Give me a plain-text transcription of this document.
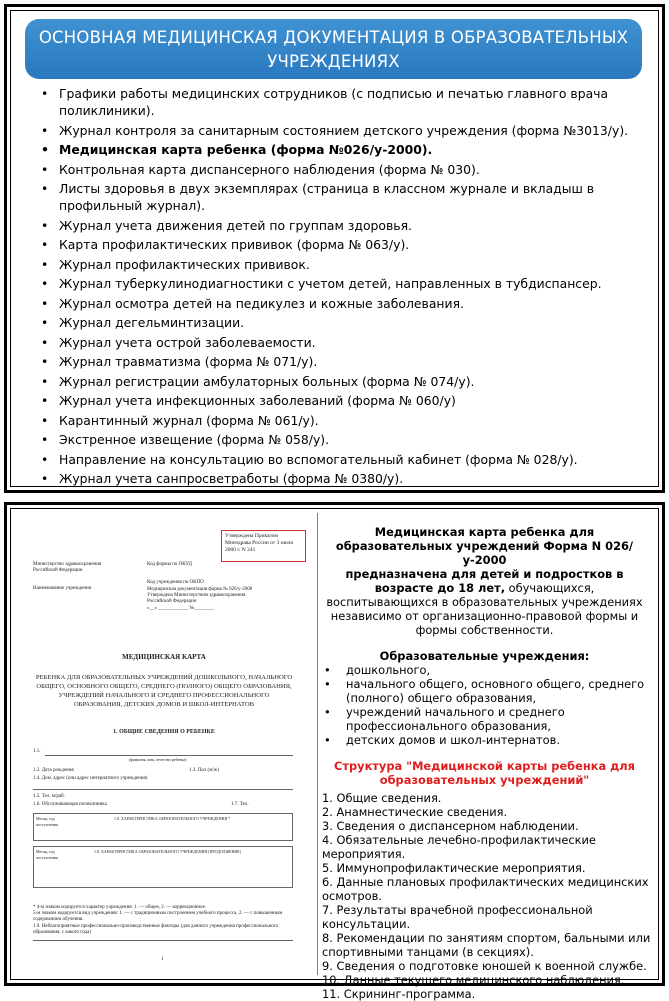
ОСНОВНАЯ МЕДИЦИНСКАЯ ДОКУМЕНТАЦИЯ В ОБРАЗОВАТЕЛЬНЫХ УЧРЕЖДЕНИЯХ
• Графики работы медицинских сотрудников (с подписью и печатью главного врача поликлиники).
• Журнал контроля за санитарным состоянием детского учреждения (форма №3013/у).
• Медицинская карта ребенка (форма №026/у-2000).
• Контрольная карта диспансерного наблюдения (форма № 030).
• Листы здоровья в двух экземплярах (страница в классном журнале и вкладыш в профильный журнал).
• Журнал учета движения детей по группам здоровья.
• Карта профилактических прививок (форма № 063/у).
• Журнал профилактических прививок.
• Журнал туберкулинодиагностики с учетом детей, направленных в тубдиспансер.
• Журнал осмотра детей на педикулез и кожные заболевания.
• Журнал дегельминтизации.
• Журнал учета острой заболеваемости.
• Журнал травматизма (форма № 071/у).
• Журнал регистрации амбулаторных больных (форма № 074/у).
• Журнал учета инфекционных заболеваний (форма № 060/у)
• Карантинный журнал (форма № 061/у).
• Экстренное извещение (форма № 058/у).
• Направление на консультацию во вспомогательный кабинет (форма № 028/у).
• Журнал учета санпросветработы (форма № 0380/у).
Утверждена Приказом Минздрава России от 3 июля 2000 г. N 241
Министерство здравоохранения Российской Федерации
Код формы по ОКУД
Наименование учреждения
Код учреждения по ОКПО
Медицинская документация форма № 026/у-2000
Утверждена Министерством здравоохранения Российской Федерации
«__» ____________ №________
МЕДИЦИНСКАЯ КАРТА
РЕБЕНКА ДЛЯ ОБРАЗОВАТЕЛЬНЫХ УЧРЕЖДЕНИЙ ДОШКОЛЬНОГО, НАЧАЛЬНОГО ОБЩЕГО, ОСНОВНОГО ОБЩЕГО, СРЕДНЕГО (ПОЛНОГО) ОБЩЕГО ОБРАЗОВАНИЯ, УЧРЕЖДЕНИЙ НАЧАЛЬНОГО И СРЕДНЕГО ПРОФЕССИОНАЛЬНОГО ОБРАЗОВАНИЯ, ДЕТСКИХ ДОМОВ И ШКОЛ-ИНТЕРНАТОВ
1. ОБЩИЕ СВЕДЕНИЯ О РЕБЕНКЕ
1.1.
(фамилия, имя, отчество ребенка)
1.2. Дата рождения	1.3. Пол (м/ж)
1.4. Дом. адрес (или адрес интернатного учреждения)
1.5. Тел. м/раб.
1.6. Обслуживающая поликлиника	1.7. Тел.
Месяц, год поступления
1.8. ХАРАКТЕРИСТИКА ОБРАЗОВАТЕЛЬНОГО УЧРЕЖДЕНИЯ *
Месяц, год поступления
1.8. ХАРАКТЕРИСТИКА ОБРАЗОВАТЕЛЬНОГО УЧРЕЖДЕНИЯ (ПРОДОЛЖЕНИЕ)
* 4-м знаком кодируется характер учреждения: 1. — общее, 2. — коррекционное.
5-м знаком кодируется вид учреждения: 1. — с традиционным построением учебного процесса, 2. — с повышенным содержанием обучения.
1.9. Неблагоприятные профессионально-производственные факторы (для данного учреждения профессионального образования, с какого года)
1
Медицинская карта ребенка для образовательных учреждений Форма N 026/у-2000
предназначена для детей и подростков в возрасте до 18 лет, обучающихся, воспитывающихся в образовательных учреждениях независимо от организационно-правовой формы и формы собственности.
Образовательные учреждения:
• дошкольного,
• начального общего, основного общего, среднего (полного) общего образования,
• учреждений начального и среднего профессионального образования,
• детских домов и школ-интернатов.
Структура "Медицинской карты ребенка для образовательных учреждений"
1. Общие сведения.
2. Анамнестические сведения.
3. Сведения о диспансерном наблюдении.
4. Обязательные лечебно-профилактические мероприятия.
5. Иммунопрофилактические мероприятия.
6. Данные плановых профилактических медицинских осмотров.
7. Результаты врачебной профессиональной консультации.
8. Рекомендации по занятиям спортом, бальными или спортивными танцами (в секциях).
9. Сведения о подготовке юношей к военной службе.
10. Данные текущего медицинского наблюдения.
11. Скрининг-программа.
